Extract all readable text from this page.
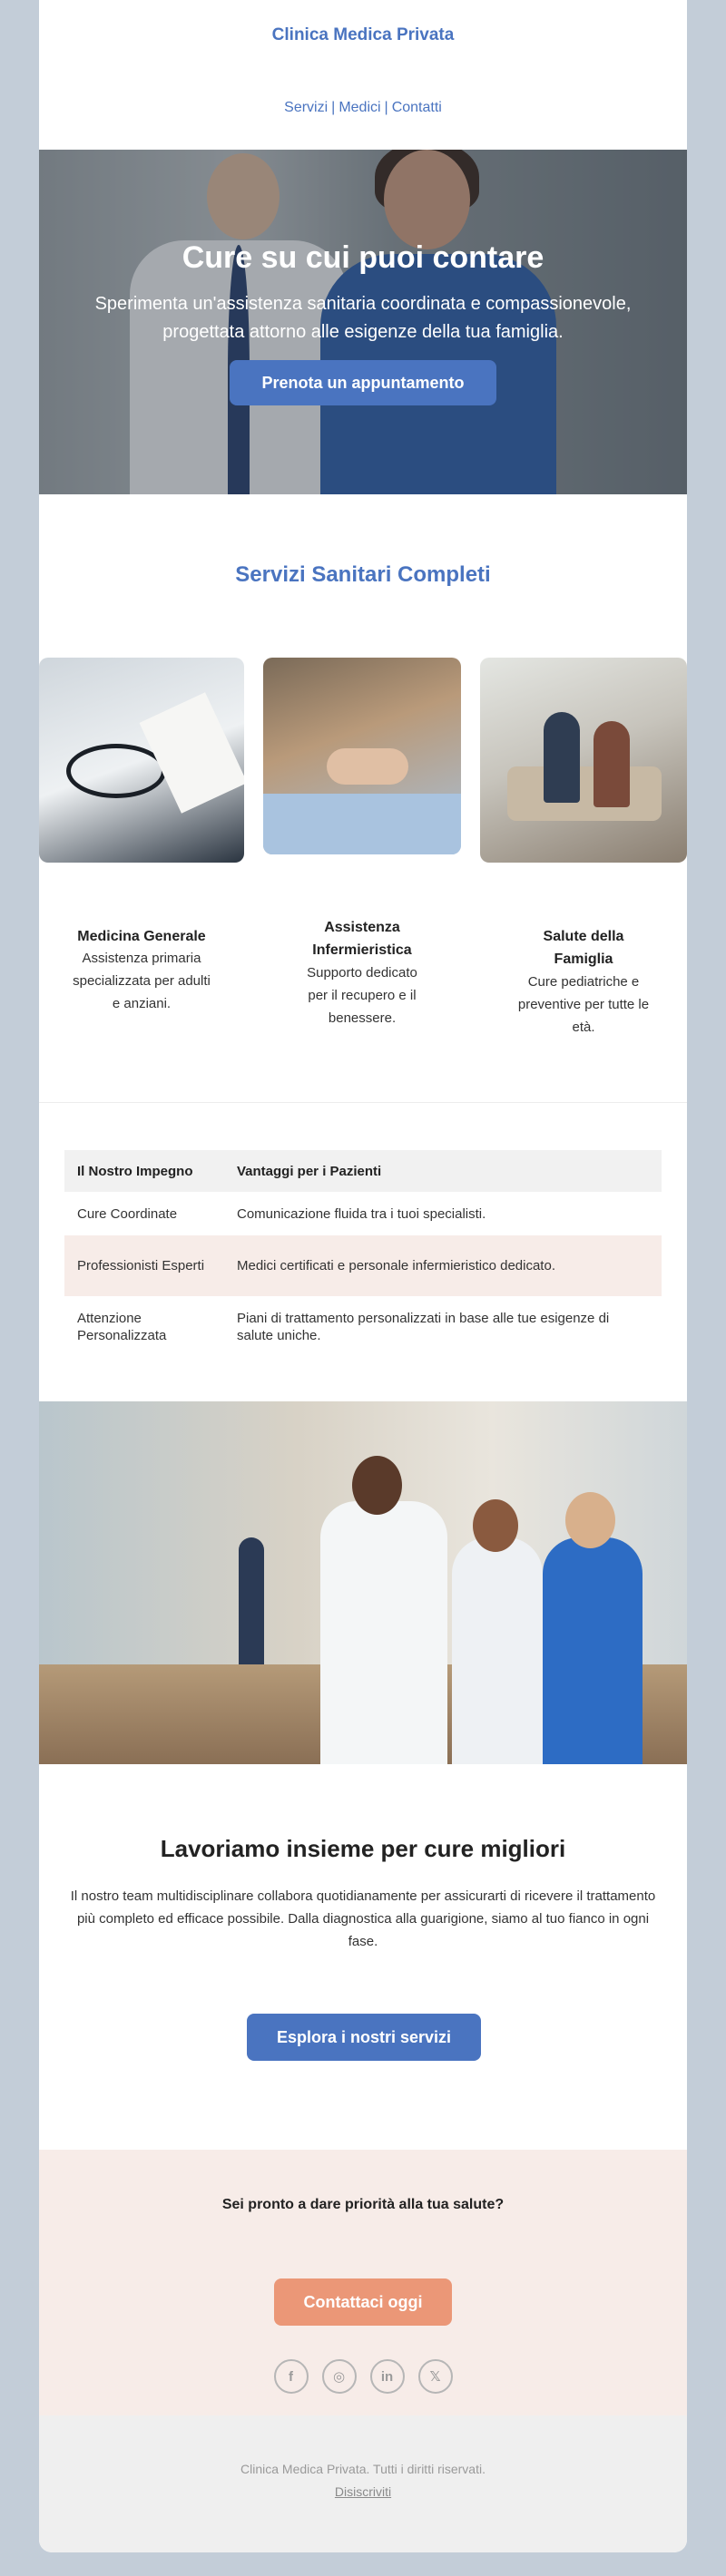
Clinica Medica Privata
Servizi | Medici | Contatti
Cure su cui puoi contare
Sperimenta un'assistenza sanitaria coordinata e compassionevole,
progettata attorno alle esigenze della tua famiglia.
Prenota un appuntamento
Servizi Sanitari Completi
Medicina Generale
Assistenza primaria
specializzata per adulti
e anziani.
Assistenza
Infermieristica
Supporto dedicato
per il recupero e il
benessere.
Salute della
Famiglia
Cure pediatriche e
preventive per tutte le
età.
Il Nostro Impegno	Vantaggi per i Pazienti
Cure Coordinate	Comunicazione fluida tra i tuoi specialisti.
Professionisti Esperti	Medici certificati e personale infermieristico dedicato.
Attenzione Personalizzata	Piani di trattamento personalizzati in base alle tue esigenze di salute uniche.
Lavoriamo insieme per cure migliori
Il nostro team multidisciplinare collabora quotidianamente per assicurarti di ricevere il trattamento più completo ed efficace possibile. Dalla diagnostica alla guarigione, siamo al tuo fianco in ogni fase.
Esplora i nostri servizi
Sei pronto a dare priorità alla tua salute?
Contattaci oggi
f	◎	in	𝕏
Clinica Medica Privata. Tutti i diritti riservati.
Disiscriviti
